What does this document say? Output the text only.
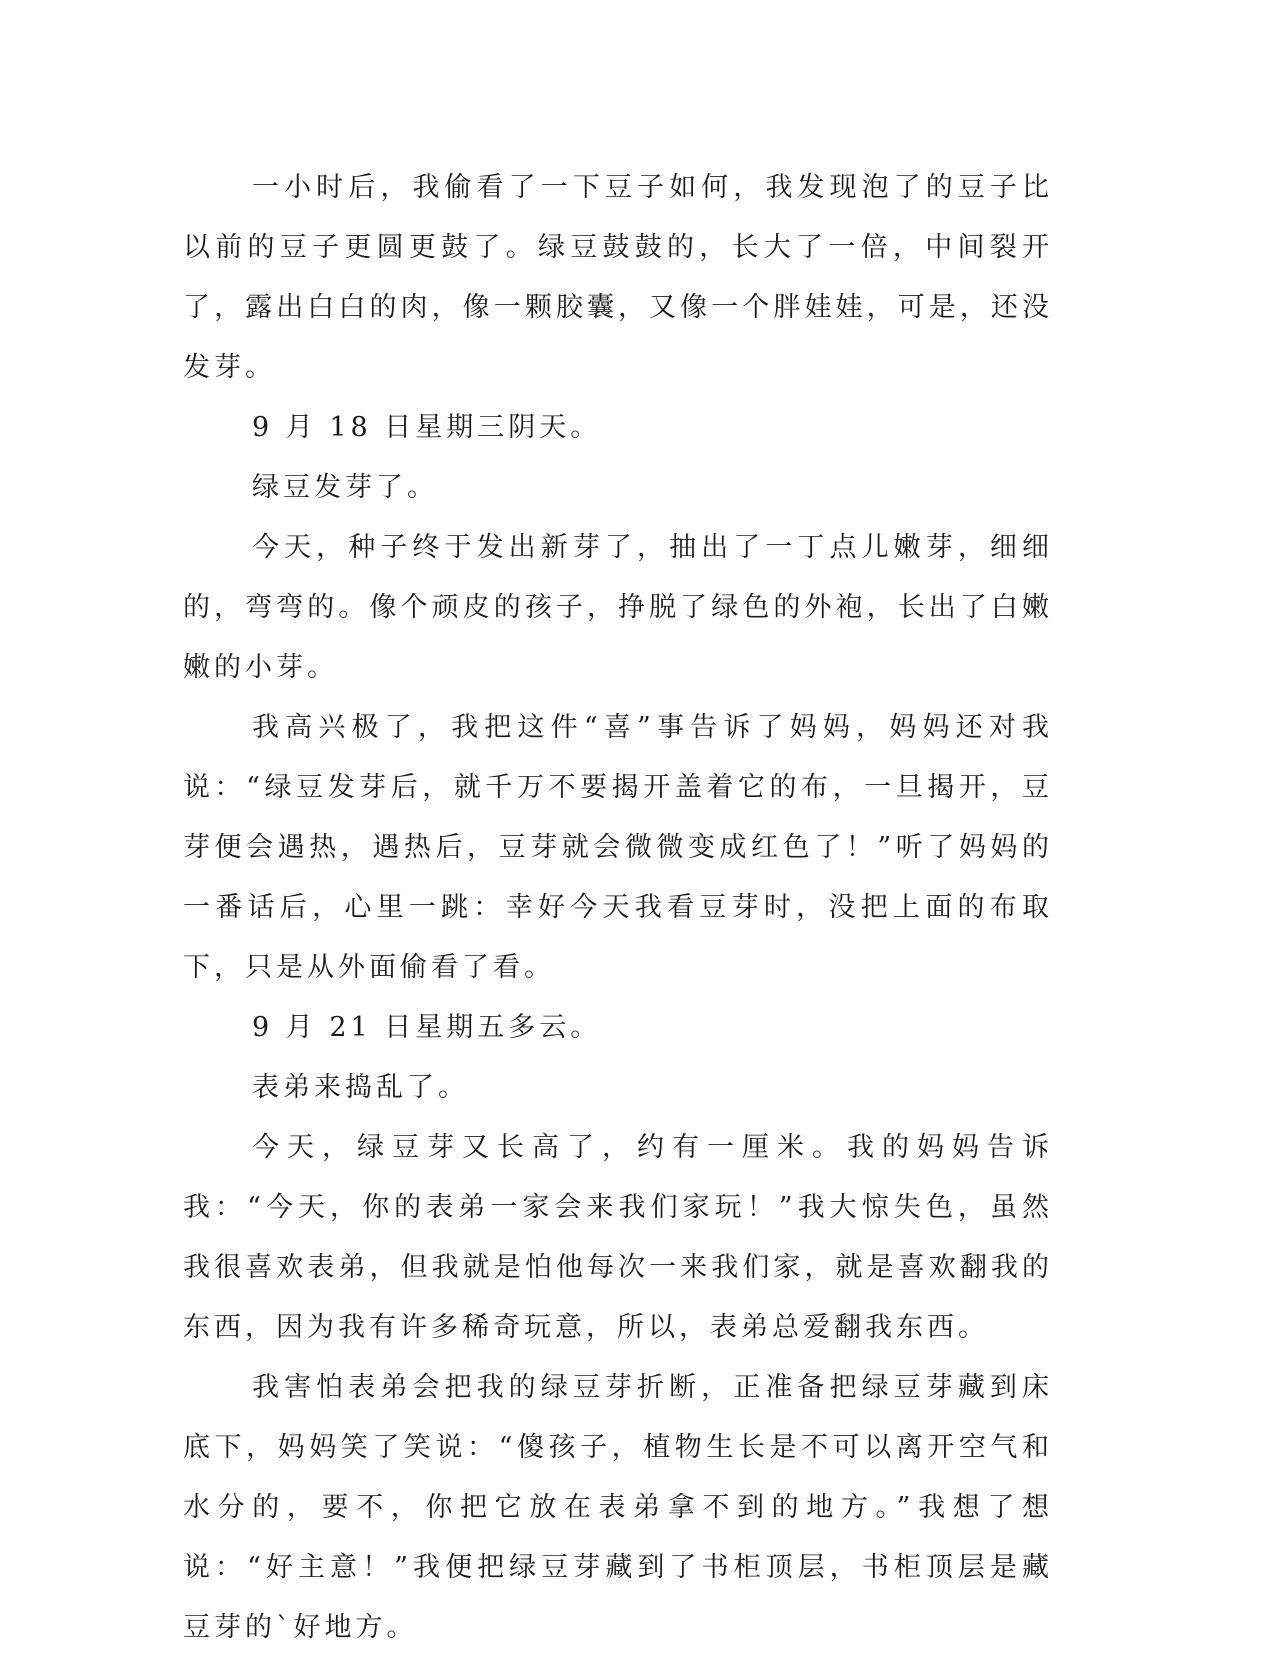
一小时后，我偷看了一下豆子如何，我发现泡了的豆子比以前的豆子更圆更鼓了。绿豆鼓鼓的，长大了一倍，中间裂开了，露出白白的肉，像一颗胶囊，又像一个胖娃娃，可是，还没发芽。

9 月 18 日星期三阴天。

绿豆发芽了。

今天，种子终于发出新芽了，抽出了一丁点儿嫩芽，细细的，弯弯的。像个顽皮的孩子，挣脱了绿色的外袍，长出了白嫩嫩的小芽。

我高兴极了，我把这件“喜”事告诉了妈妈，妈妈还对我说：“绿豆发芽后，就千万不要揭开盖着它的布，一旦揭开，豆芽便会遇热，遇热后，豆芽就会微微变成红色了！”听了妈妈的一番话后，心里一跳：幸好今天我看豆芽时，没把上面的布取下，只是从外面偷看了看。

9 月 21 日星期五多云。

表弟来捣乱了。

今天，绿豆芽又长高了，约有一厘米。我的妈妈告诉我：“今天，你的表弟一家会来我们家玩！”我大惊失色，虽然我很喜欢表弟，但我就是怕他每次一来我们家，就是喜欢翻我的东西，因为我有许多稀奇玩意，所以，表弟总爱翻我东西。

我害怕表弟会把我的绿豆芽折断，正准备把绿豆芽藏到床底下，妈妈笑了笑说：“傻孩子，植物生长是不可以离开空气和水分的，要不，你把它放在表弟拿不到的地方。”我想了想说：“好主意！”我便把绿豆芽藏到了书柜顶层，书柜顶层是藏豆芽的`好地方。
